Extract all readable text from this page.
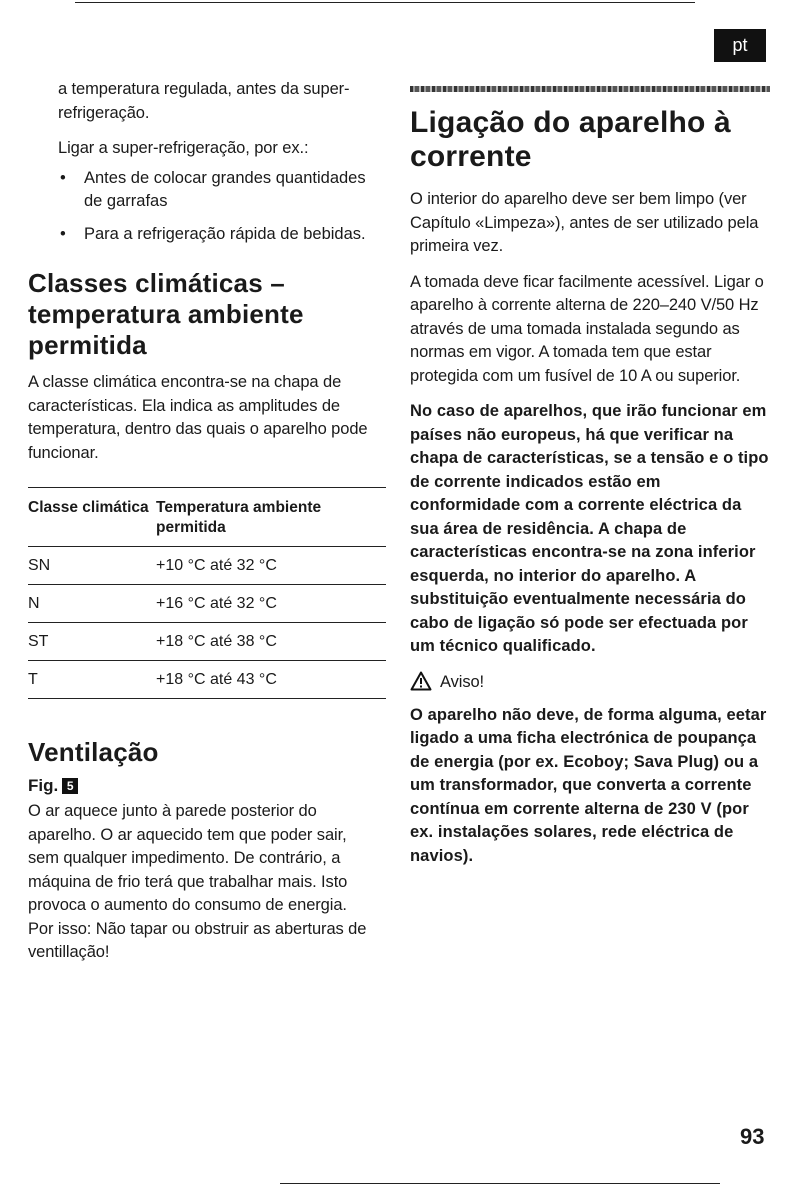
pt

a temperatura regulada, antes da super-refrigeração.

Ligar a super-refrigeração, por ex.:

• Antes de colocar grandes quantidades de garrafas
• Para a refrigeração rápida de bebidas.
Classes climáticas – temperatura ambiente permitida

A classe climática encontra-se na chapa de características. Ela indica as amplitudes de temperatura, dentro das quais o aparelho pode funcionar.

Classe climática	Temperatura ambiente permitida
SN	+10 °C até 32 °C
N	+16 °C até 32 °C
ST	+18 °C até 38 °C
T	+18 °C até 43 °C
Ventilação

Fig. 5

O ar aquece junto à parede posterior do aparelho. O ar aquecido tem que poder sair, sem qualquer impedimento. De contrário, a máquina de frio terá que trabalhar mais. Isto provoca o aumento do consumo de energia.

Por isso: Não tapar ou obstruir as aberturas de ventillação!

Ligação do aparelho à corrente

O interior do aparelho deve ser bem limpo (ver Capítulo «Limpeza»), antes de ser utilizado pela primeira vez.

A tomada deve ficar facilmente acessível. Ligar o aparelho à corrente alterna de 220–240 V/50 Hz através de uma tomada instalada segundo as normas em vigor. A tomada tem que estar protegida com um fusível de 10 A ou superior.

No caso de aparelhos, que irão funcionar em países não europeus, há que verificar na chapa de características, se a tensão e o tipo de corrente indicados estão em conformidade com a corrente eléctrica da sua área de residência. A chapa de características encontra-se na zona inferior esquerda, no interior do aparelho. A substituição eventualmente necessária do cabo de ligação só pode ser efectuada por um técnico qualificado.

Aviso!

O aparelho não deve, de forma alguma, eetar ligado a uma ficha electrónica de poupança de energia (por ex. Ecoboy; Sava Plug) ou a um transformador, que converta a corrente contínua em corrente alterna de 230 V (por ex. instalações solares, rede eléctrica de navios).

93
